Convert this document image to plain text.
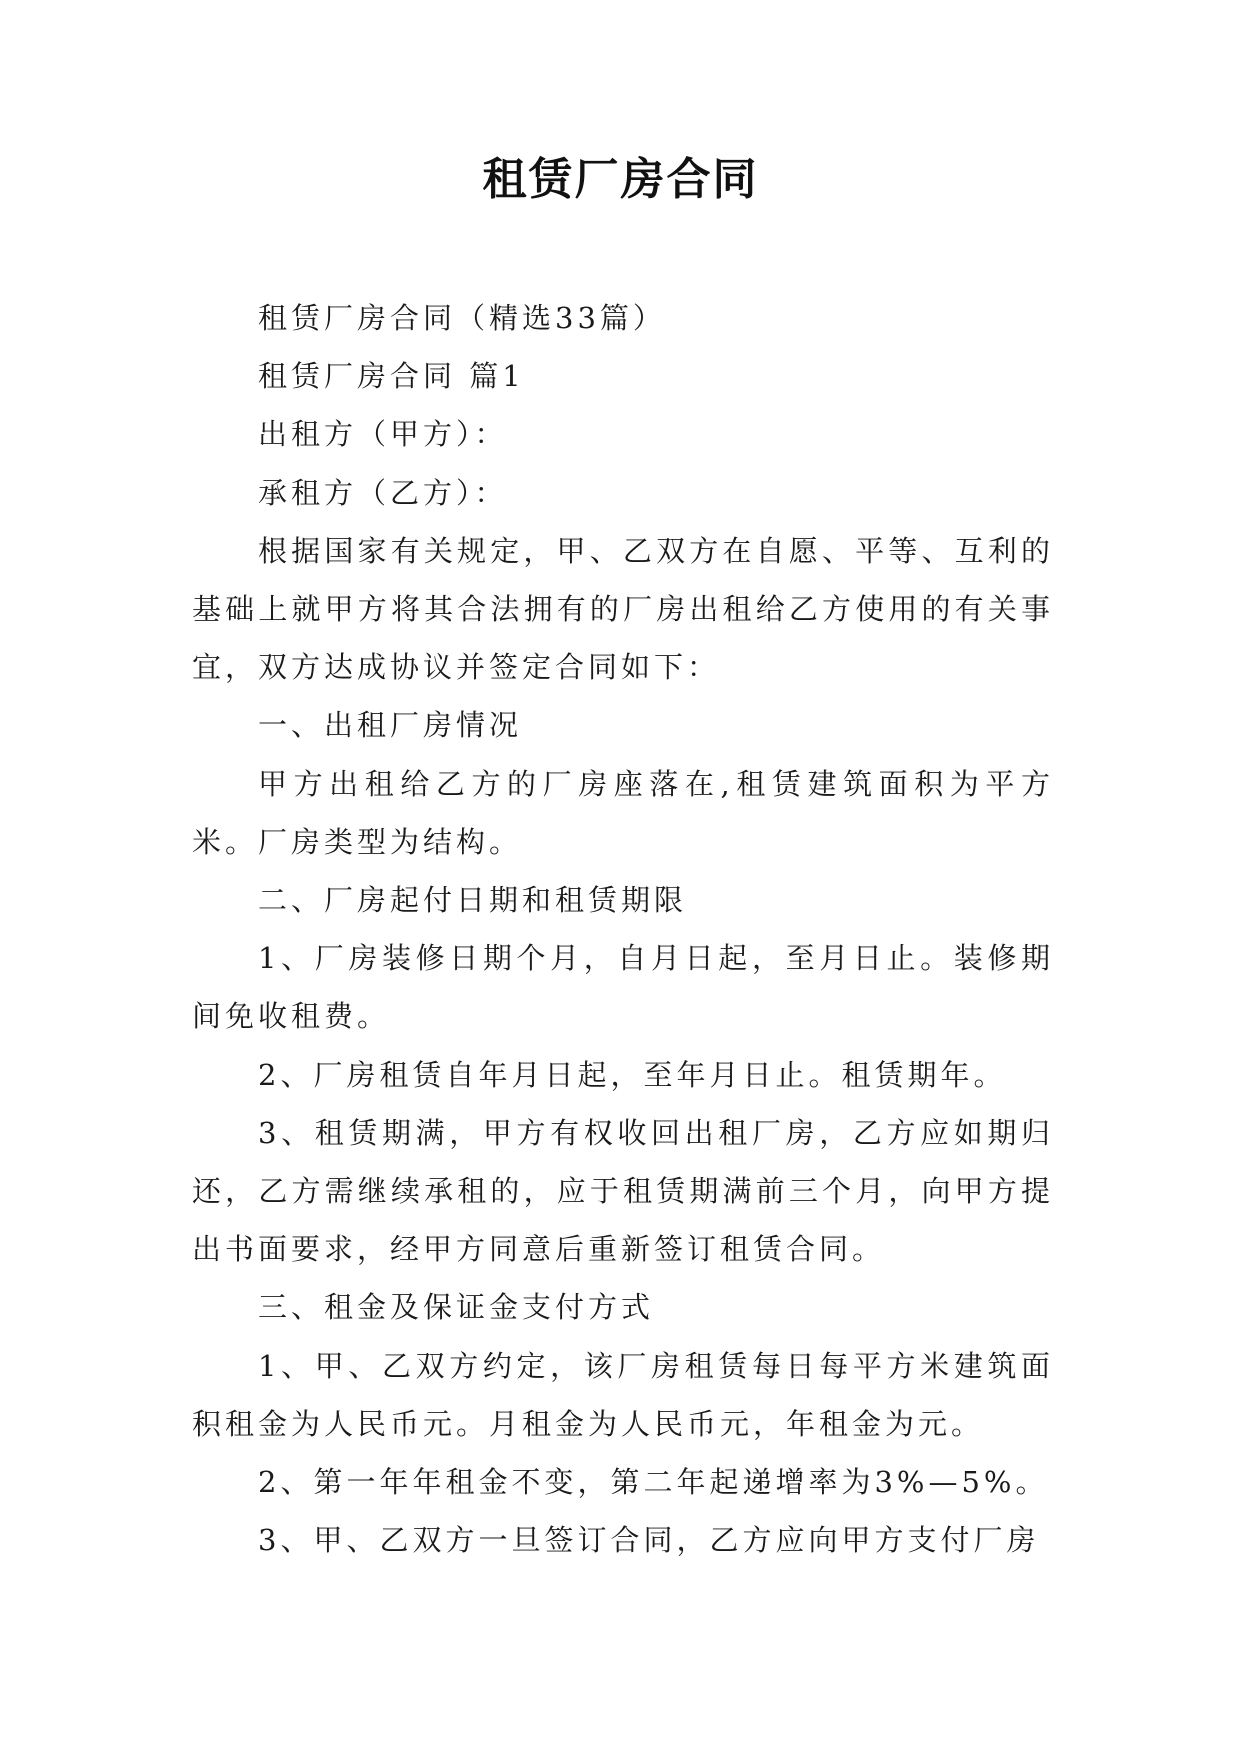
租赁厂房合同

租赁厂房合同（精选33篇）

租赁厂房合同 篇1

出租方（甲方）：

承租方（乙方）：

根据国家有关规定，甲、乙双方在自愿、平等、互利的基础上就甲方将其合法拥有的厂房出租给乙方使用的有关事宜，双方达成协议并签定合同如下：

一、出租厂房情况

甲方出租给乙方的厂房座落在,租赁建筑面积为平方米。厂房类型为结构。

二、厂房起付日期和租赁期限

1、厂房装修日期个月，自月日起，至月日止。装修期间免收租费。

2、厂房租赁自年月日起，至年月日止。租赁期年。

3、租赁期满，甲方有权收回出租厂房，乙方应如期归还，乙方需继续承租的，应于租赁期满前三个月，向甲方提出书面要求，经甲方同意后重新签订租赁合同。

三、租金及保证金支付方式

1、甲、乙双方约定，该厂房租赁每日每平方米建筑面积租金为人民币元。月租金为人民币元，年租金为元。

2、第一年年租金不变，第二年起递增率为3%—5%。

3、甲、乙双方一旦签订合同，乙方应向甲方支付厂房
